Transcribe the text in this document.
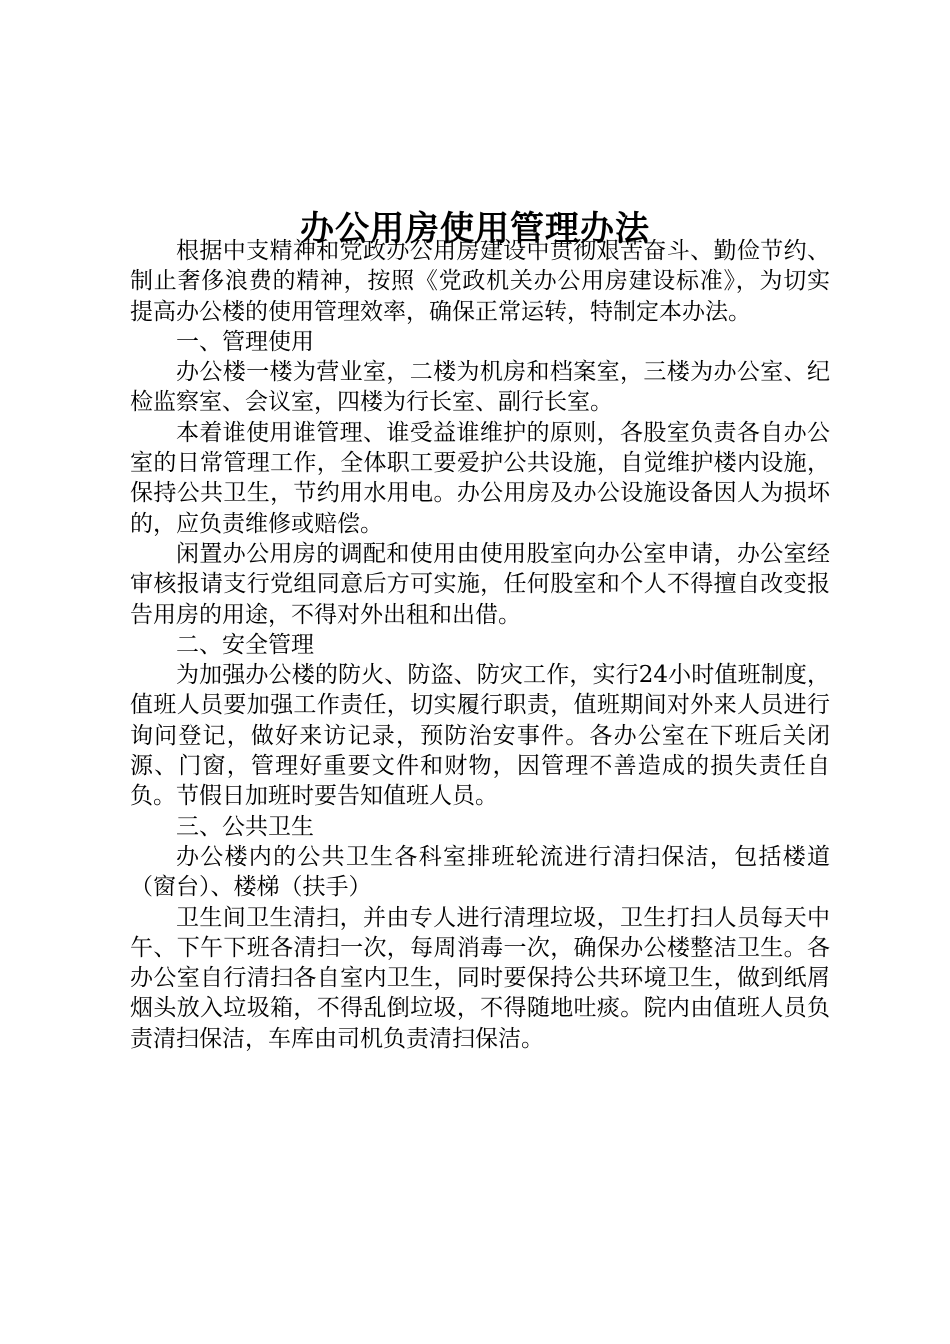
办公用房使用管理办法

根据中支精神和党政办公用房建设中贯彻艰苦奋斗、勤俭节约、制止奢侈浪费的精神，按照《党政机关办公用房建设标准》，为切实提高办公楼的使用管理效率，确保正常运转，特制定本办法。

一、管理使用

办公楼一楼为营业室，二楼为机房和档案室，三楼为办公室、纪检监察室、会议室，四楼为行长室、副行长室。

本着谁使用谁管理、谁受益谁维护的原则，各股室负责各自办公室的日常管理工作，全体职工要爱护公共设施，自觉维护楼内设施，保持公共卫生，节约用水用电。办公用房及办公设施设备因人为损坏的，应负责维修或赔偿。

闲置办公用房的调配和使用由使用股室向办公室申请，办公室经审核报请支行党组同意后方可实施，任何股室和个人不得擅自改变报告用房的用途，不得对外出租和出借。

二、安全管理

为加强办公楼的防火、防盗、防灾工作，实行24小时值班制度，值班人员要加强工作责任，切实履行职责，值班期间对外来人员进行询问登记，做好来访记录，预防治安事件。各办公室在下班后关闭源、门窗，管理好重要文件和财物，因管理不善造成的损失责任自负。节假日加班时要告知值班人员。

三、公共卫生

办公楼内的公共卫生各科室排班轮流进行清扫保洁，包括楼道（窗台）、楼梯（扶手）

卫生间卫生清扫，并由专人进行清理垃圾，卫生打扫人员每天中午、下午下班各清扫一次，每周消毒一次，确保办公楼整洁卫生。各办公室自行清扫各自室内卫生，同时要保持公共环境卫生，做到纸屑烟头放入垃圾箱，不得乱倒垃圾，不得随地吐痰。院内由值班人员负责清扫保洁，车库由司机负责清扫保洁。
